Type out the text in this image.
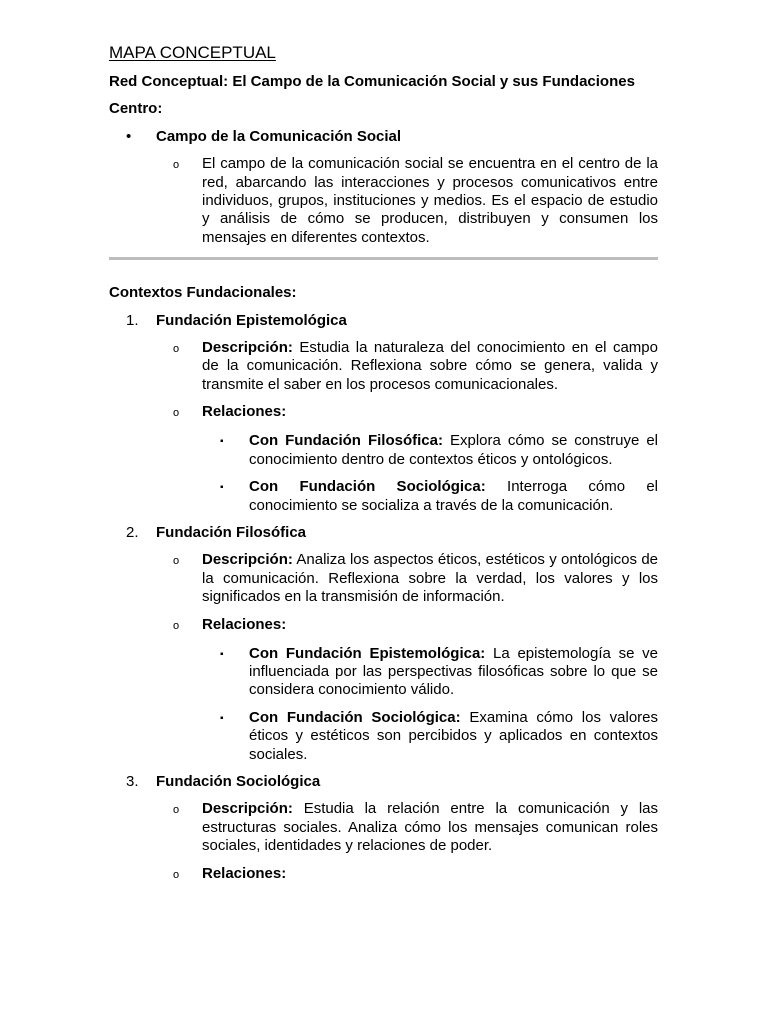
MAPA CONCEPTUAL
Red Conceptual: El Campo de la Comunicación Social y sus Fundaciones
Centro:
•	Campo de la Comunicación Social
o	El campo de la comunicación social se encuentra en el centro de la red, abarcando las interacciones y procesos comunicativos entre individuos, grupos, instituciones y medios. Es el espacio de estudio y análisis de cómo se producen, distribuyen y consumen los mensajes en diferentes contextos.
Contextos Fundacionales:
1.	Fundación Epistemológica
o	Descripción: Estudia la naturaleza del conocimiento en el campo de la comunicación. Reflexiona sobre cómo se genera, valida y transmite el saber en los procesos comunicacionales.
o	Relaciones:
▪	Con Fundación Filosófica: Explora cómo se construye el conocimiento dentro de contextos éticos y ontológicos.
▪	Con Fundación Sociológica: Interroga cómo el conocimiento se socializa a través de la comunicación.
2.	Fundación Filosófica
o	Descripción: Analiza los aspectos éticos, estéticos y ontológicos de la comunicación. Reflexiona sobre la verdad, los valores y los significados en la transmisión de información.
o	Relaciones:
▪	Con Fundación Epistemológica: La epistemología se ve influenciada por las perspectivas filosóficas sobre lo que se considera conocimiento válido.
▪	Con Fundación Sociológica: Examina cómo los valores éticos y estéticos son percibidos y aplicados en contextos sociales.
3.	Fundación Sociológica
o	Descripción: Estudia la relación entre la comunicación y las estructuras sociales. Analiza cómo los mensajes comunican roles sociales, identidades y relaciones de poder.
o	Relaciones:
